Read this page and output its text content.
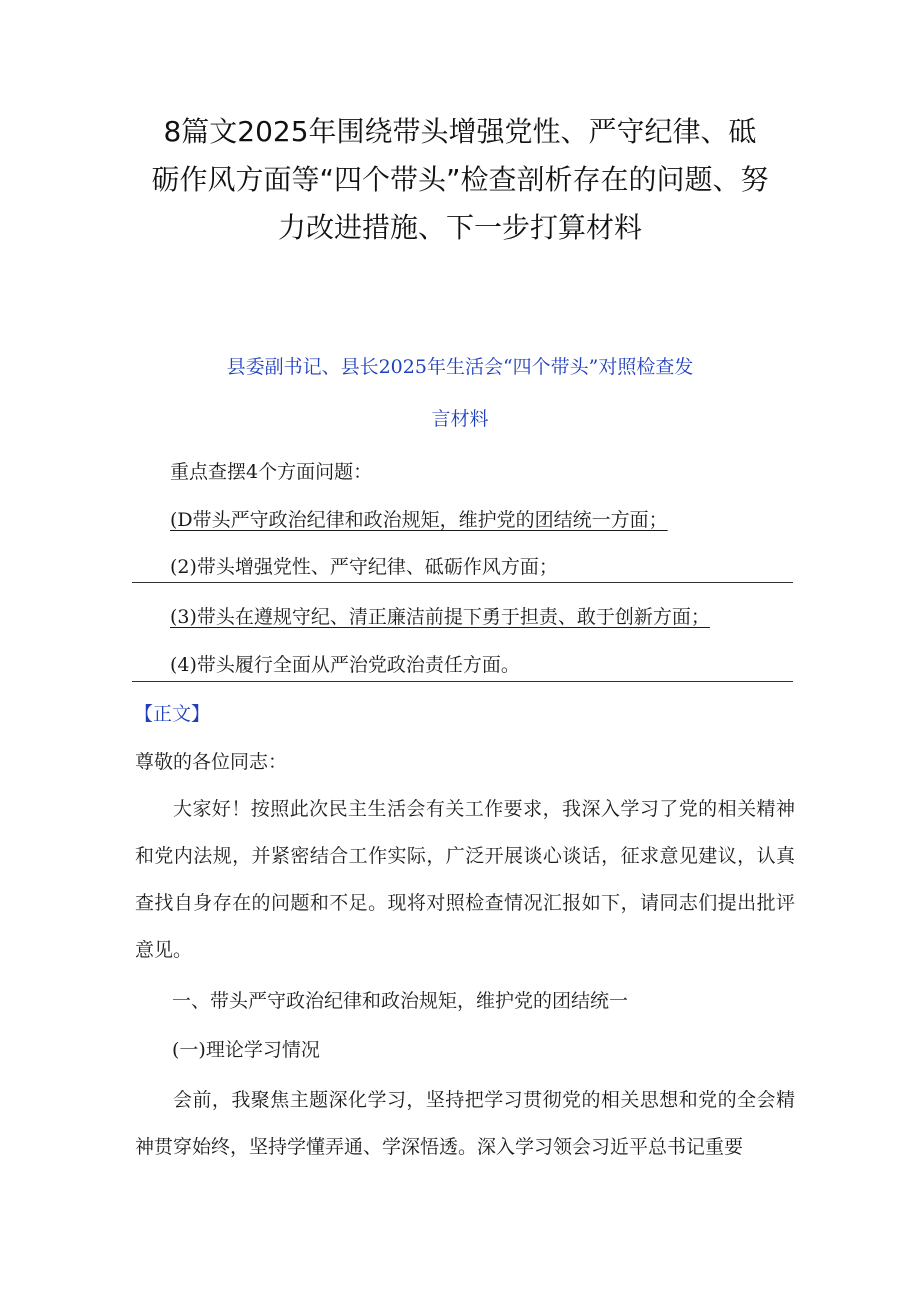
8篇文2025年围绕带头增强党性、严守纪律、砥砺作风方面等“四个带头”检查剖析存在的问题、努力改进措施、下一步打算材料

县委副书记、县长2025年生活会“四个带头”对照检查发

言材料

重点查摆4个方面问题：

(D带头严守政治纪律和政治规矩，维护党的团结统一方面；

(2)带头增强党性、严守纪律、砥砺作风方面；

(3)带头在遵规守纪、清正廉洁前提下勇于担责、敢于创新方面；

(4)带头履行全面从严治党政治责任方面。

【正文】

尊敬的各位同志：

大家好！按照此次民主生活会有关工作要求，我深入学习了党的相关精神和党内法规，并紧密结合工作实际，广泛开展谈心谈话，征求意见建议，认真查找自身存在的问题和不足。现将对照检查情况汇报如下，请同志们提出批评意见。

一、带头严守政治纪律和政治规矩，维护党的团结统一

(一)理论学习情况

会前，我聚焦主题深化学习，坚持把学习贯彻党的相关思想和党的全会精神贯穿始终，坚持学懂弄通、学深悟透。深入学习领会习近平总书记重要
